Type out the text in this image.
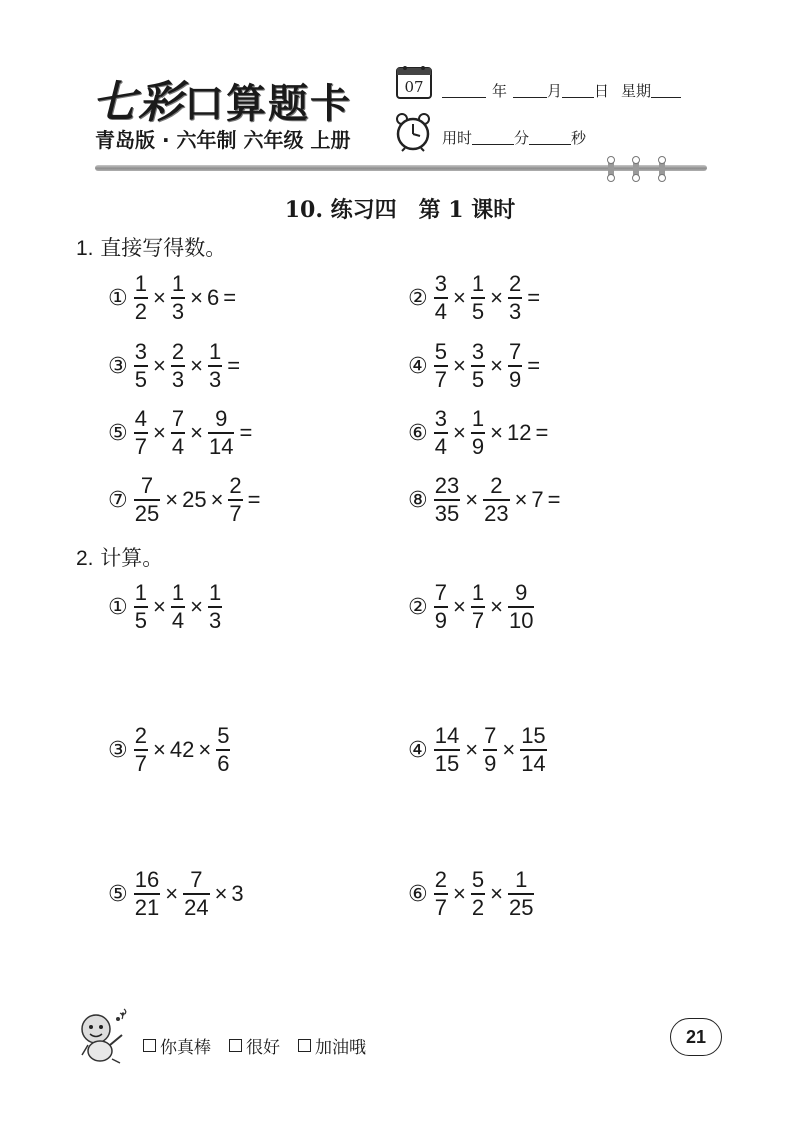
七彩口算题卡
青岛版 · 六年制 六年级 上册
07	年	月 日 星期
用时	分	秒
10. 练习四　第 1 课时
1. 直接写得数。
① $\frac{1}{2} \times \frac{1}{3} \times 6$ =	② $\frac{3}{4} \times \frac{1}{5} \times \frac{2}{3}$ =
③ $\frac{3}{5} \times \frac{2}{3} \times \frac{1}{3}$ =	④ $\frac{5}{7} \times \frac{3}{5} \times \frac{7}{9}$ =
⑤ $\frac{4}{7} \times \frac{7}{4} \times \frac{9}{14}$ =	⑥ $\frac{3}{4} \times \frac{1}{9} \times 12$ =
⑦ $\frac{7}{25} \times 25 \times \frac{2}{7}$ =	⑧ $\frac{23}{35} \times \frac{2}{23} \times 7$ =
2. 计算。
① $\frac{1}{5} \times \frac{1}{4} \times \frac{1}{3}$	② $\frac{7}{9} \times \frac{1}{7} \times \frac{9}{10}$
③ $\frac{2}{7} \times 42 \times \frac{5}{6}$	④ $\frac{14}{15} \times \frac{7}{9} \times \frac{15}{14}$
⑤ $\frac{16}{21} \times \frac{7}{24} \times 3$	⑥ $\frac{2}{7} \times \frac{5}{2} \times \frac{1}{25}$
你真棒 很好 加油哦
21
